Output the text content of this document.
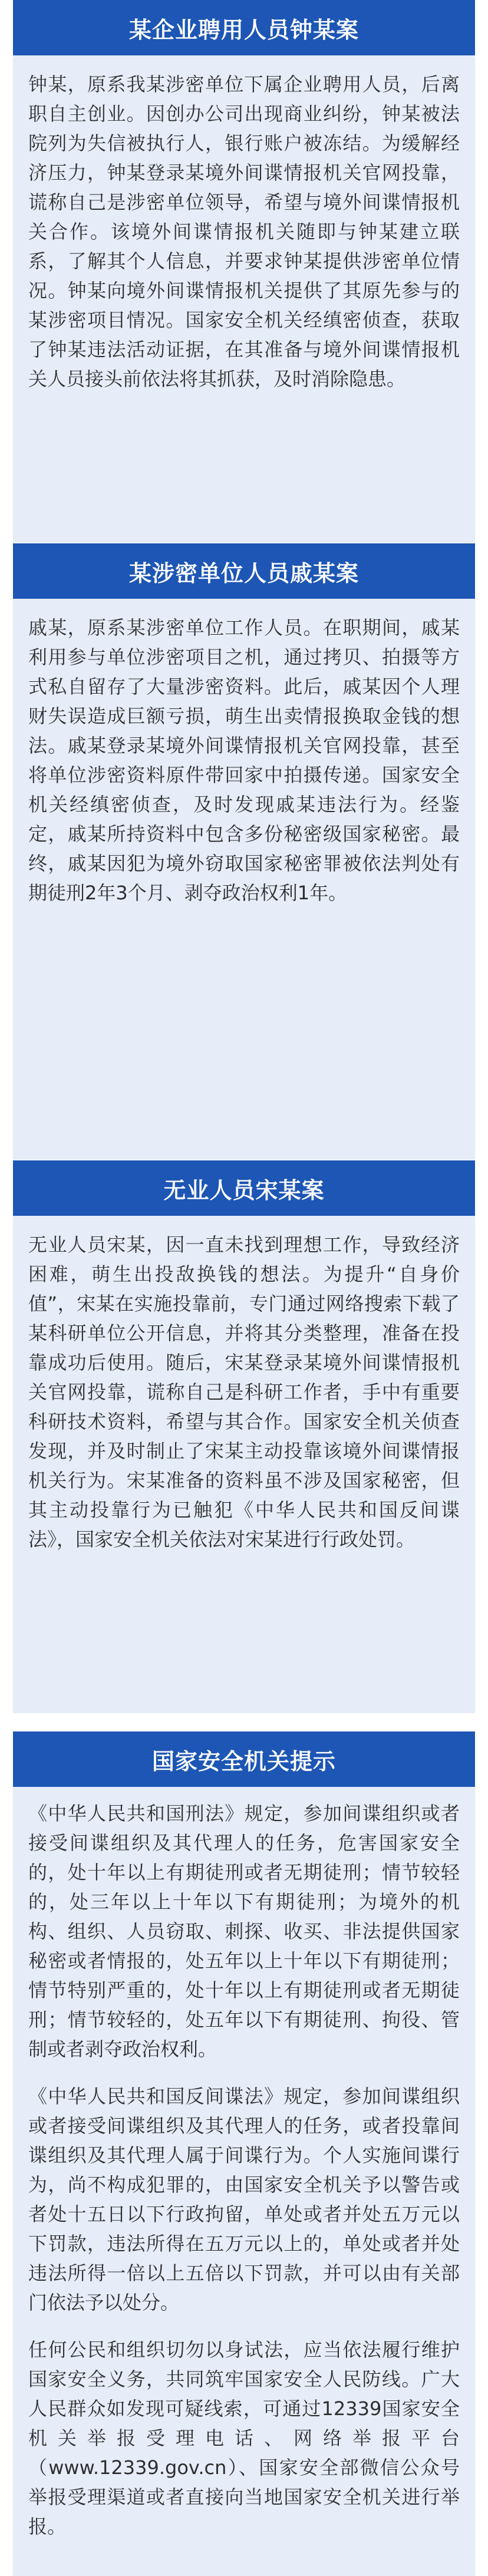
某企业聘用人员钟某案

钟某，原系我某涉密单位下属企业聘用人员，后离职自主创业。因创办公司出现商业纠纷，钟某被法院列为失信被执行人，银行账户被冻结。为缓解经济压力，钟某登录某境外间谍情报机关官网投靠，谎称自己是涉密单位领导，希望与境外间谍情报机关合作。该境外间谍情报机关随即与钟某建立联系，了解其个人信息，并要求钟某提供涉密单位情况。钟某向境外间谍情报机关提供了其原先参与的某涉密项目情况。国家安全机关经缜密侦查，获取了钟某违法活动证据，在其准备与境外间谍情报机关人员接头前依法将其抓获，及时消除隐患。

某涉密单位人员戚某案

戚某，原系某涉密单位工作人员。在职期间，戚某利用参与单位涉密项目之机，通过拷贝、拍摄等方式私自留存了大量涉密资料。此后，戚某因个人理财失误造成巨额亏损，萌生出卖情报换取金钱的想法。戚某登录某境外间谍情报机关官网投靠，甚至将单位涉密资料原件带回家中拍摄传递。国家安全机关经缜密侦查，及时发现戚某违法行为。经鉴定，戚某所持资料中包含多份秘密级国家秘密。最终，戚某因犯为境外窃取国家秘密罪被依法判处有期徒刑2年3个月、剥夺政治权利1年。

无业人员宋某案

无业人员宋某，因一直未找到理想工作，导致经济困难，萌生出投敌换钱的想法。为提升“自身价值”，宋某在实施投靠前，专门通过网络搜索下载了某科研单位公开信息，并将其分类整理，准备在投靠成功后使用。随后，宋某登录某境外间谍情报机关官网投靠，谎称自己是科研工作者，手中有重要科研技术资料，希望与其合作。国家安全机关侦查发现，并及时制止了宋某主动投靠该境外间谍情报机关行为。宋某准备的资料虽不涉及国家秘密，但其主动投靠行为已触犯《中华人民共和国反间谍法》，国家安全机关依法对宋某进行行政处罚。

国家安全机关提示

《中华人民共和国刑法》规定，参加间谍组织或者接受间谍组织及其代理人的任务，危害国家安全的，处十年以上有期徒刑或者无期徒刑；情节较轻的，处三年以上十年以下有期徒刑；为境外的机构、组织、人员窃取、刺探、收买、非法提供国家秘密或者情报的，处五年以上十年以下有期徒刑；情节特别严重的，处十年以上有期徒刑或者无期徒刑；情节较轻的，处五年以下有期徒刑、拘役、管制或者剥夺政治权利。

《中华人民共和国反间谍法》规定，参加间谍组织或者接受间谍组织及其代理人的任务，或者投靠间谍组织及其代理人属于间谍行为。个人实施间谍行为，尚不构成犯罪的，由国家安全机关予以警告或者处十五日以下行政拘留，单处或者并处五万元以下罚款，违法所得在五万元以上的，单处或者并处违法所得一倍以上五倍以下罚款，并可以由有关部门依法予以处分。

任何公民和组织切勿以身试法，应当依法履行维护国家安全义务，共同筑牢国家安全人民防线。广大人民群众如发现可疑线索，可通过12339国家安全机关举报受理电话、网络举报平台（www.12339.gov.cn）、国家安全部微信公众号举报受理渠道或者直接向当地国家安全机关进行举报。
